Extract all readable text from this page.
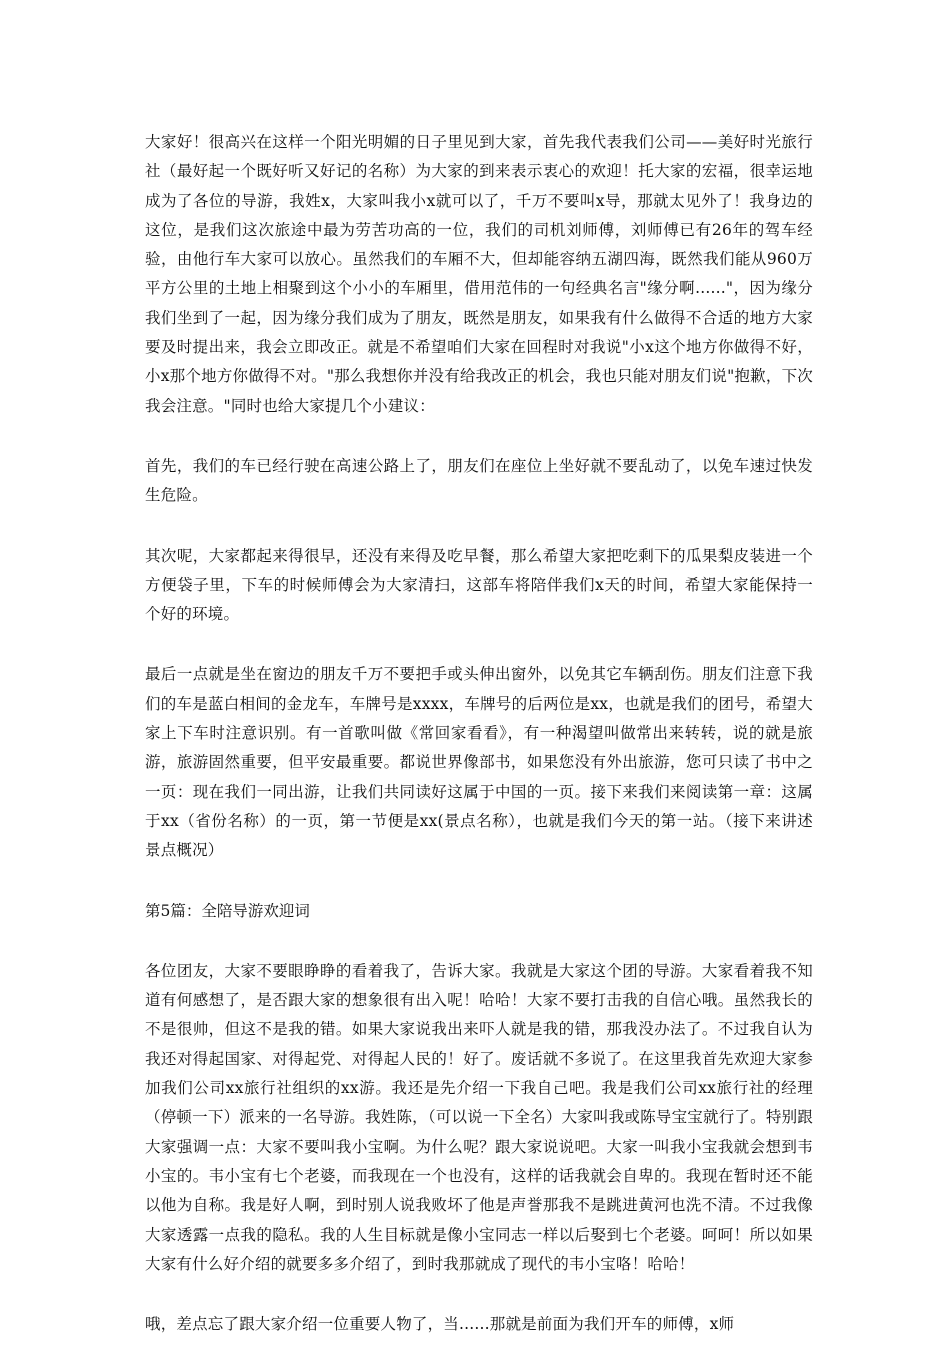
大家好！很高兴在这样一个阳光明媚的日子里见到大家，首先我代表我们公司——美好时光旅行社（最好起一个既好听又好记的名称）为大家的到来表示衷心的欢迎！托大家的宏福，很幸运地成为了各位的导游，我姓x，大家叫我小x就可以了，千万不要叫x导，那就太见外了！我身边的这位，是我们这次旅途中最为劳苦功高的一位，我们的司机刘师傅，刘师傅已有26年的驾车经验，由他行车大家可以放心。虽然我们的车厢不大，但却能容纳五湖四海，既然我们能从960万平方公里的土地上相聚到这个小小的车厢里，借用范伟的一句经典名言"缘分啊......"，因为缘分我们坐到了一起，因为缘分我们成为了朋友，既然是朋友，如果我有什么做得不合适的地方大家要及时提出来，我会立即改正。就是不希望咱们大家在回程时对我说"小x这个地方你做得不好，小x那个地方你做得不对。"那么我想你并没有给我改正的机会，我也只能对朋友们说"抱歉，下次我会注意。"同时也给大家提几个小建议：

首先，我们的车已经行驶在高速公路上了，朋友们在座位上坐好就不要乱动了，以免车速过快发生危险。

其次呢，大家都起来得很早，还没有来得及吃早餐，那么希望大家把吃剩下的瓜果梨皮装进一个方便袋子里，下车的时候师傅会为大家清扫，这部车将陪伴我们x天的时间，希望大家能保持一个好的环境。

最后一点就是坐在窗边的朋友千万不要把手或头伸出窗外，以免其它车辆刮伤。朋友们注意下我们的车是蓝白相间的金龙车，车牌号是xxxx，车牌号的后两位是xx，也就是我们的团号，希望大家上下车时注意识别。有一首歌叫做《常回家看看》，有一种渴望叫做常出来转转，说的就是旅游，旅游固然重要，但平安最重要。都说世界像部书，如果您没有外出旅游，您可只读了书中之一页：现在我们一同出游，让我们共同读好这属于中国的一页。接下来我们来阅读第一章：这属于xx（省份名称）的一页，第一节便是xx(景点名称），也就是我们今天的第一站。（接下来讲述景点概况）

第5篇：全陪导游欢迎词

各位团友，大家不要眼睁睁的看着我了，告诉大家。我就是大家这个团的导游。大家看着我不知道有何感想了，是否跟大家的想象很有出入呢！哈哈！大家不要打击我的自信心哦。虽然我长的不是很帅，但这不是我的错。如果大家说我出来吓人就是我的错，那我没办法了。不过我自认为我还对得起国家、对得起党、对得起人民的！好了。废话就不多说了。在这里我首先欢迎大家参加我们公司xx旅行社组织的xx游。我还是先介绍一下我自己吧。我是我们公司xx旅行社的经理（停顿一下）派来的一名导游。我姓陈，（可以说一下全名）大家叫我或陈导宝宝就行了。特别跟大家强调一点：大家不要叫我小宝啊。为什么呢？跟大家说说吧。大家一叫我小宝我就会想到韦小宝的。韦小宝有七个老婆，而我现在一个也没有，这样的话我就会自卑的。我现在暂时还不能以他为自称。我是好人啊，到时别人说我败坏了他是声誉那我不是跳进黄河也洗不清。不过我像大家透露一点我的隐私。我的人生目标就是像小宝同志一样以后娶到七个老婆。呵呵！所以如果大家有什么好介绍的就要多多介绍了，到时我那就成了现代的韦小宝咯！哈哈！

哦，差点忘了跟大家介绍一位重要人物了，当......那就是前面为我们开车的师傅，x师
